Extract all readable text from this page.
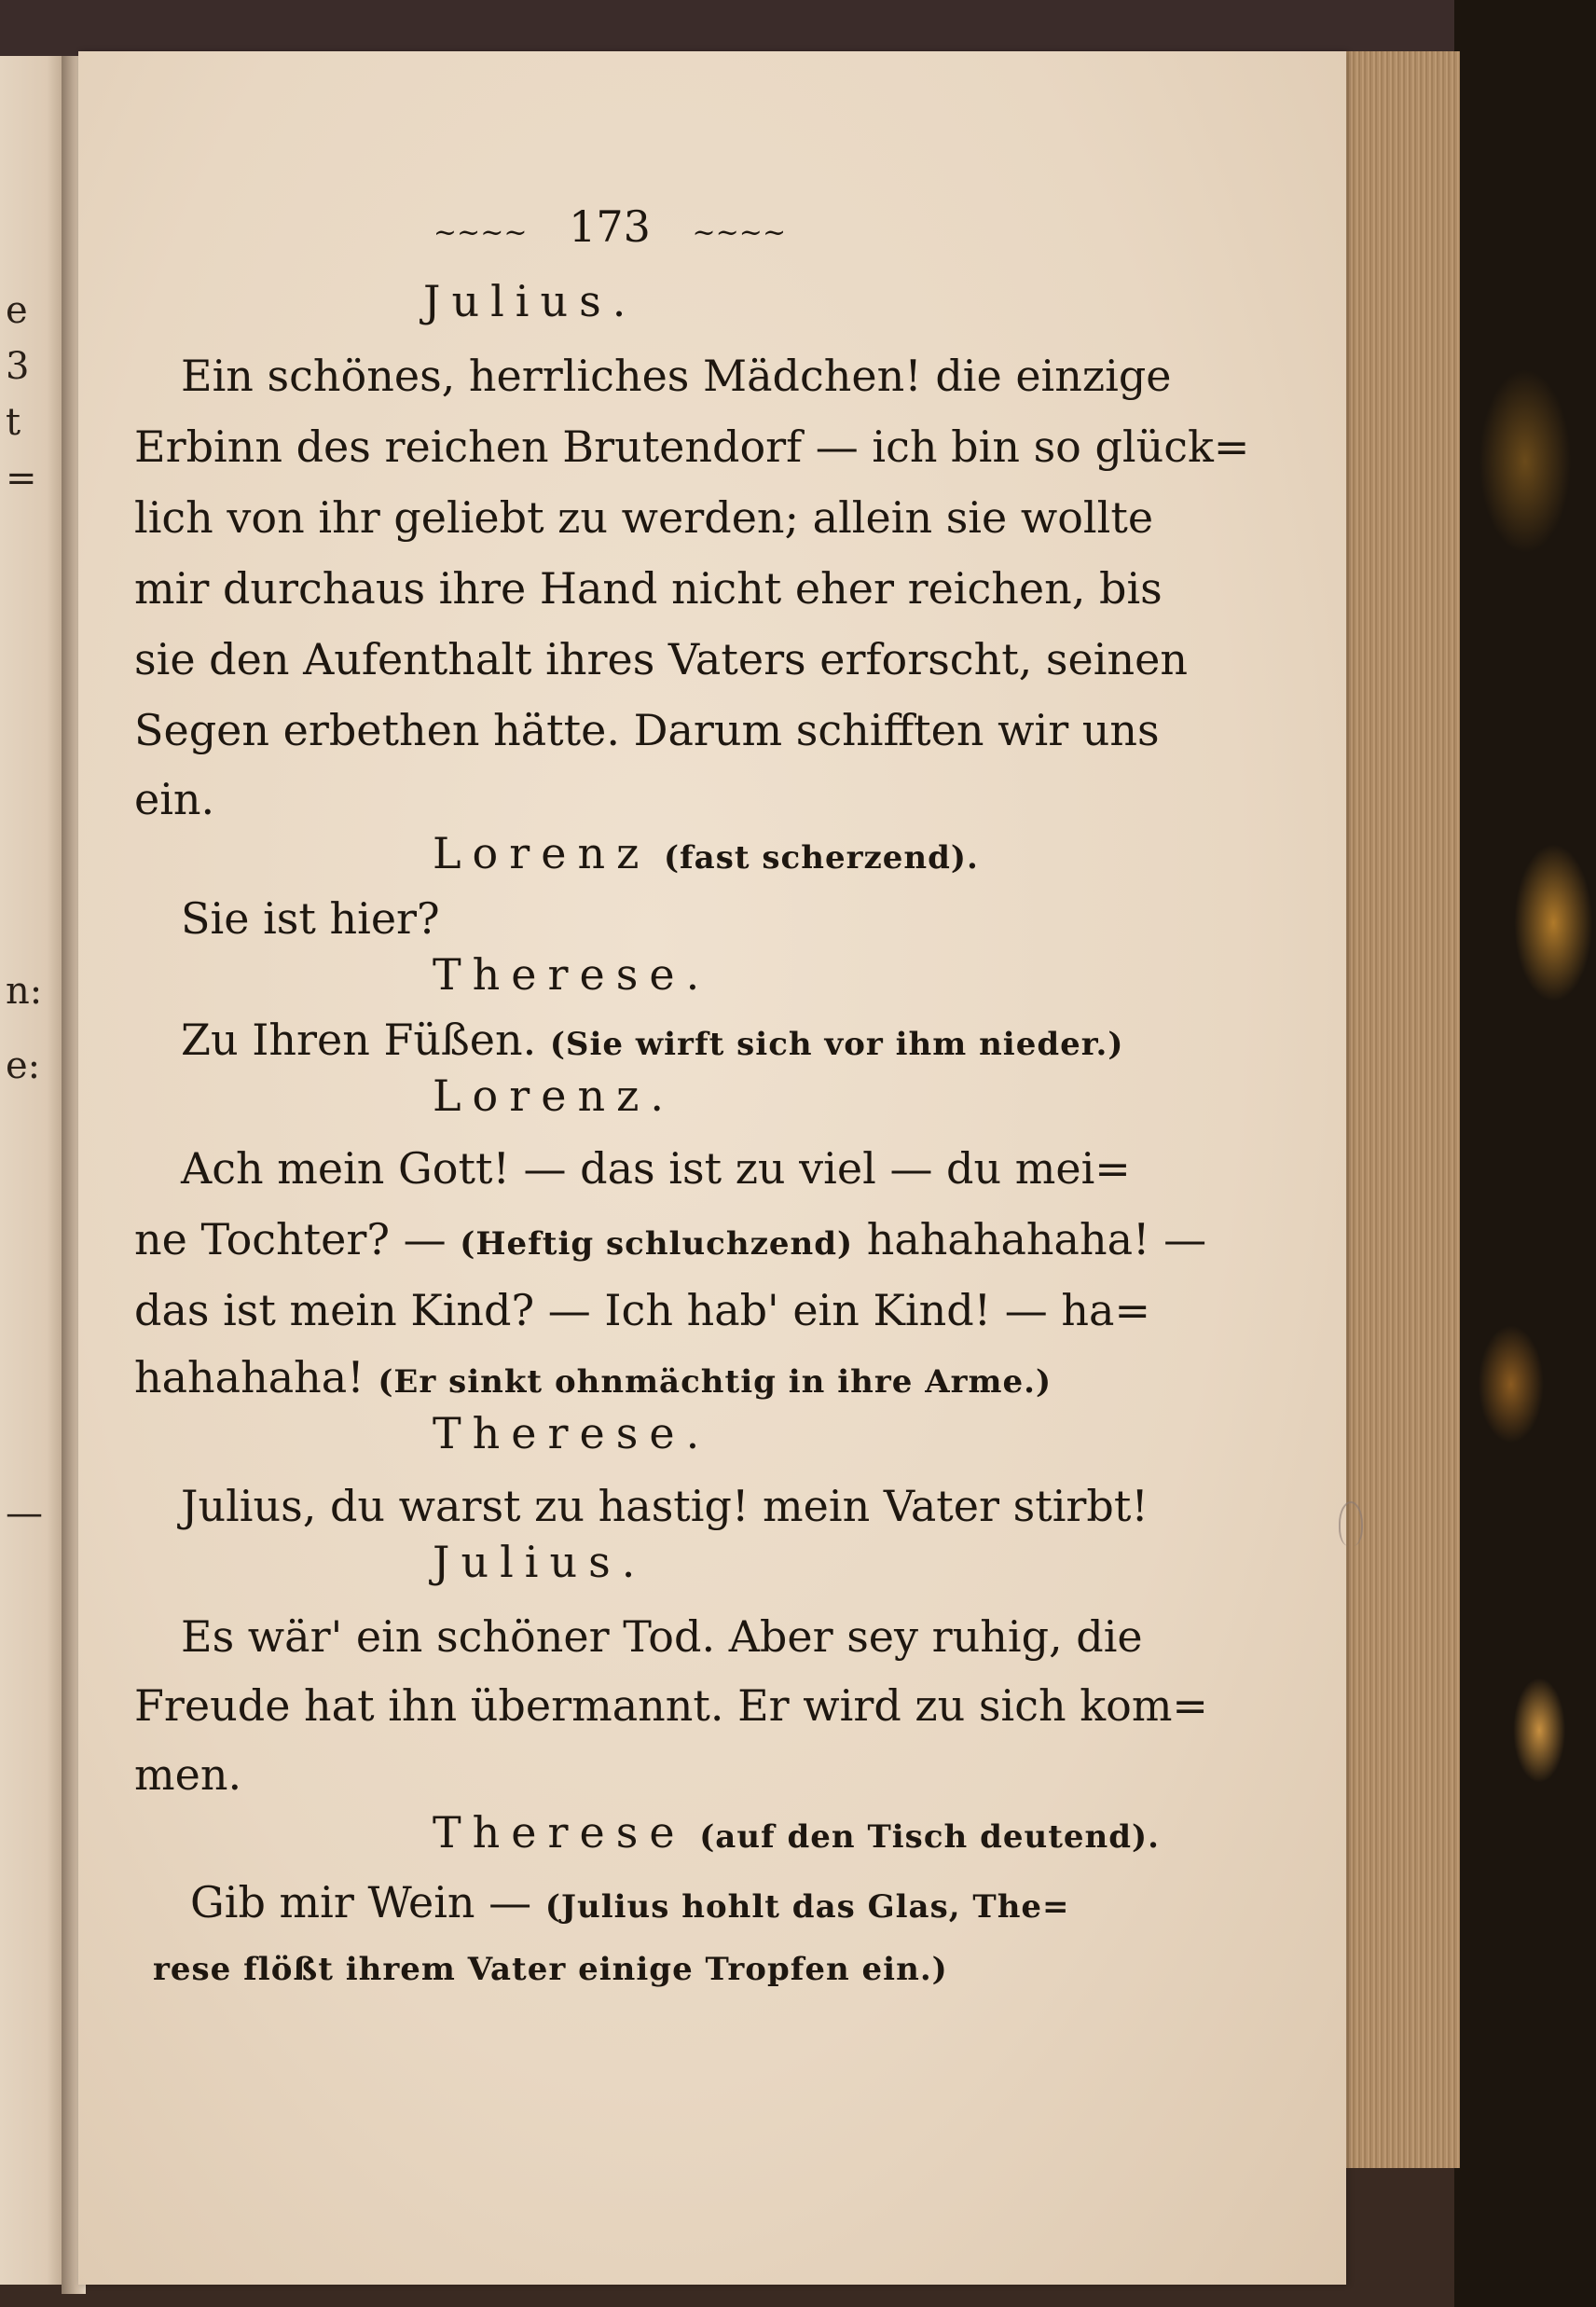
e
3
t
=
n:
e:
—
~~~~ 173 ~~~~
Julius.
Ein schönes, herrliches Mädchen! die einzige
Erbinn des reichen Brutendorf — ich bin so glück=
lich von ihr geliebt zu werden; allein sie wollte
mir durchaus ihre Hand nicht eher reichen, bis
sie den Aufenthalt ihres Vaters erforscht, seinen
Segen erbethen hätte. Darum schifften wir uns
ein.
Lorenz (fast scherzend).
Sie ist hier?
Therese.
Zu Ihren Füßen. (Sie wirft sich vor ihm nieder.)
Lorenz.
Ach mein Gott! — das ist zu viel — du mei=
ne Tochter? — (Heftig schluchzend) hahahahaha! —
das ist mein Kind? — Ich hab' ein Kind! — ha=
hahahaha! (Er sinkt ohnmächtig in ihre Arme.)
Therese.
Julius, du warst zu hastig! mein Vater stirbt!
Julius.
Es wär' ein schöner Tod. Aber sey ruhig, die
Freude hat ihn übermannt. Er wird zu sich kom=
men.
Therese (auf den Tisch deutend).
Gib mir Wein — (Julius hohlt das Glas, The=
rese flößt ihrem Vater einige Tropfen ein.)
